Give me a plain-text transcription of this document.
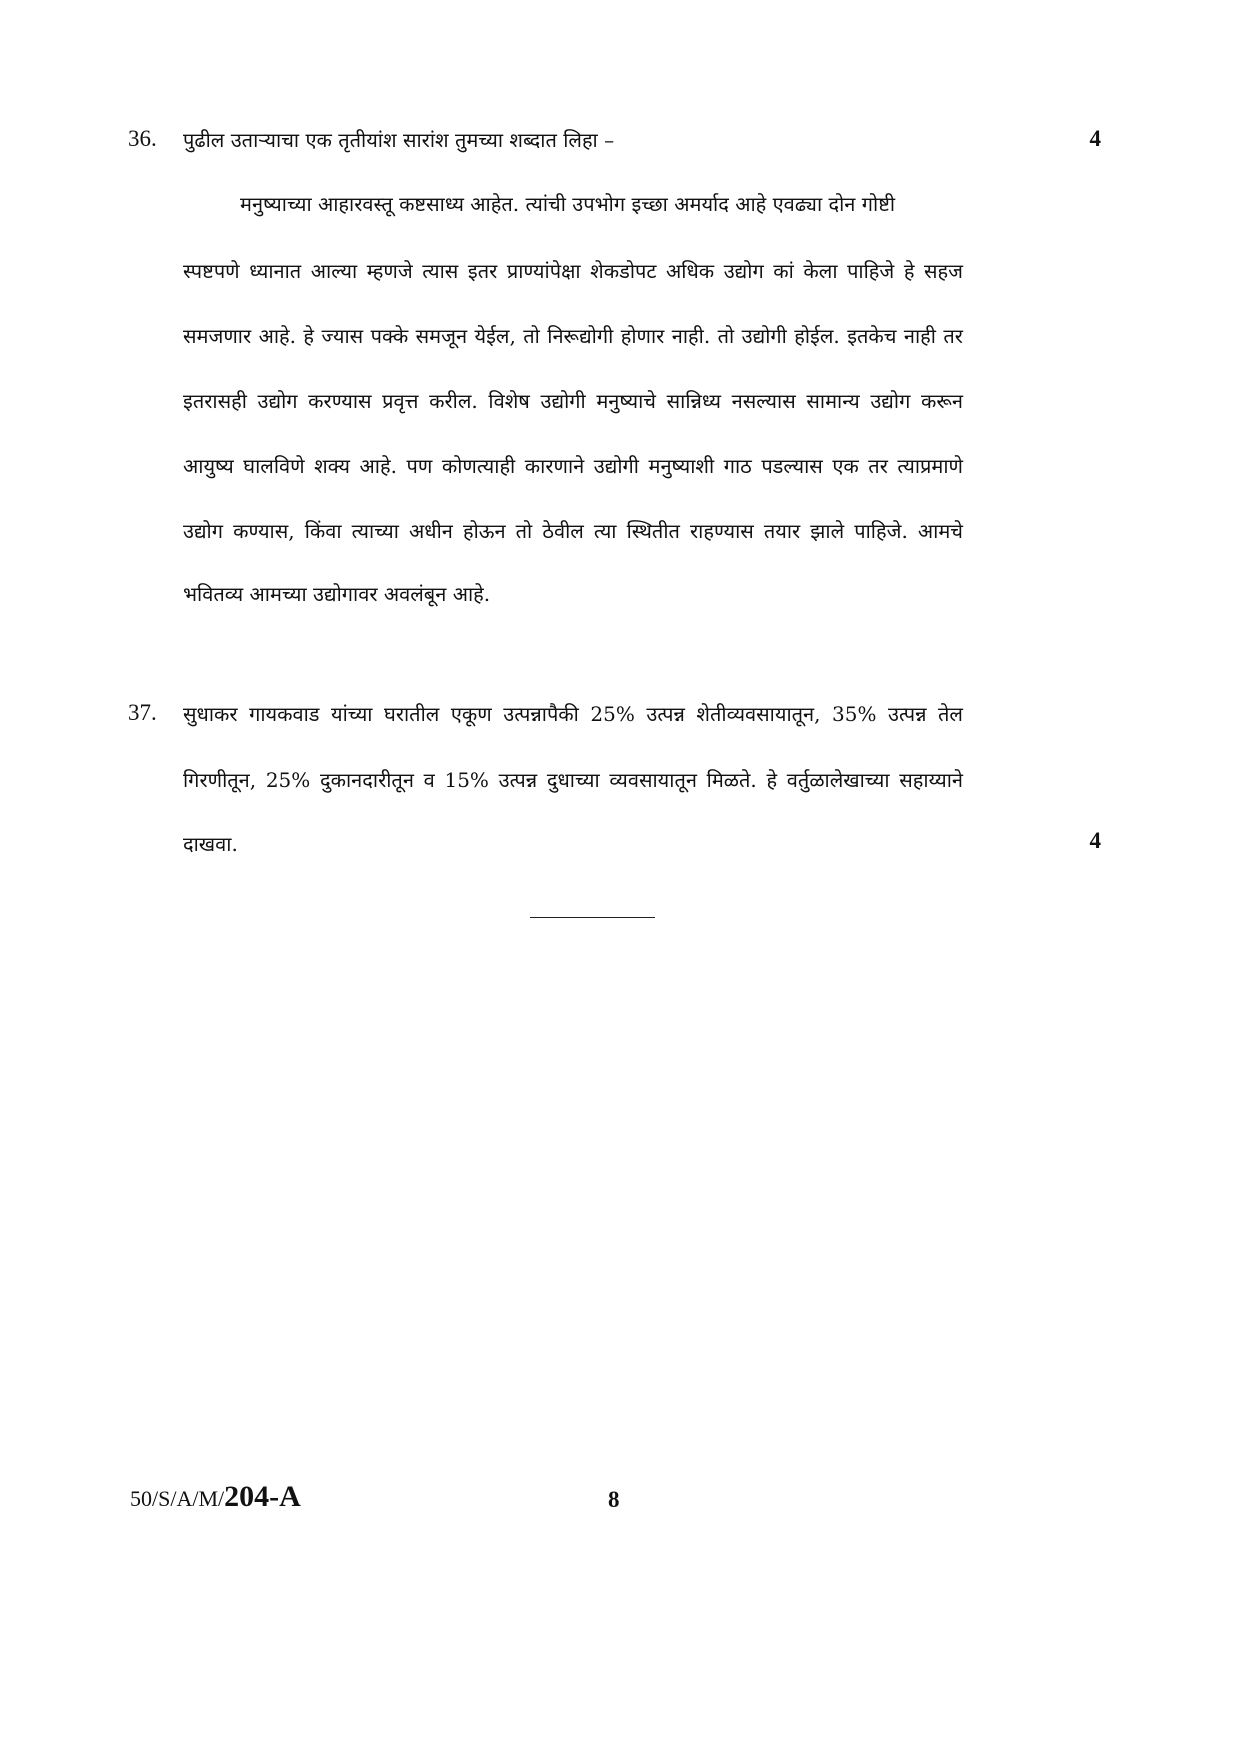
36. पुढील उताऱ्याचा एक तृतीयांश सारांश तुमच्या शब्दात लिहा –	4
मनुष्याच्या आहारवस्तू कष्टसाध्य आहेत. त्यांची उपभोग इच्छा अमर्याद आहे एवढ्या दोन गोष्टी
स्पष्टपणे ध्यानात आल्या म्हणजे त्यास इतर प्राण्यांपेक्षा शेकडोपट अधिक उद्योग कां केला पाहिजे हे सहज
समजणार आहे. हे ज्यास पक्के समजून येईल, तो निरूद्योगी होणार नाही. तो उद्योगी होईल. इतकेच नाही तर
इतरासही उद्योग करण्यास प्रवृत्त करील. विशेष उद्योगी मनुष्याचे सान्निध्य नसल्यास सामान्य उद्योग करून
आयुष्य घालविणे शक्य आहे. पण कोणत्याही कारणाने उद्योगी मनुष्याशी गाठ पडल्यास एक तर त्याप्रमाणे
उद्योग कण्यास, किंवा त्याच्या अधीन होऊन तो ठेवील त्या स्थितीत राहण्यास तयार झाले पाहिजे. आमचे
भवितव्य आमच्या उद्योगावर अवलंबून आहे.
37. सुधाकर गायकवाड यांच्या घरातील एकूण उत्पन्नापैकी 25% उत्पन्न शेतीव्यवसायातून, 35% उत्पन्न तेल
गिरणीतून, 25% दुकानदारीतून व 15% उत्पन्न दुधाच्या व्यवसायातून मिळते. हे वर्तुळालेखाच्या सहाय्याने
दाखवा.	4
50/S/A/M/204-A	8
